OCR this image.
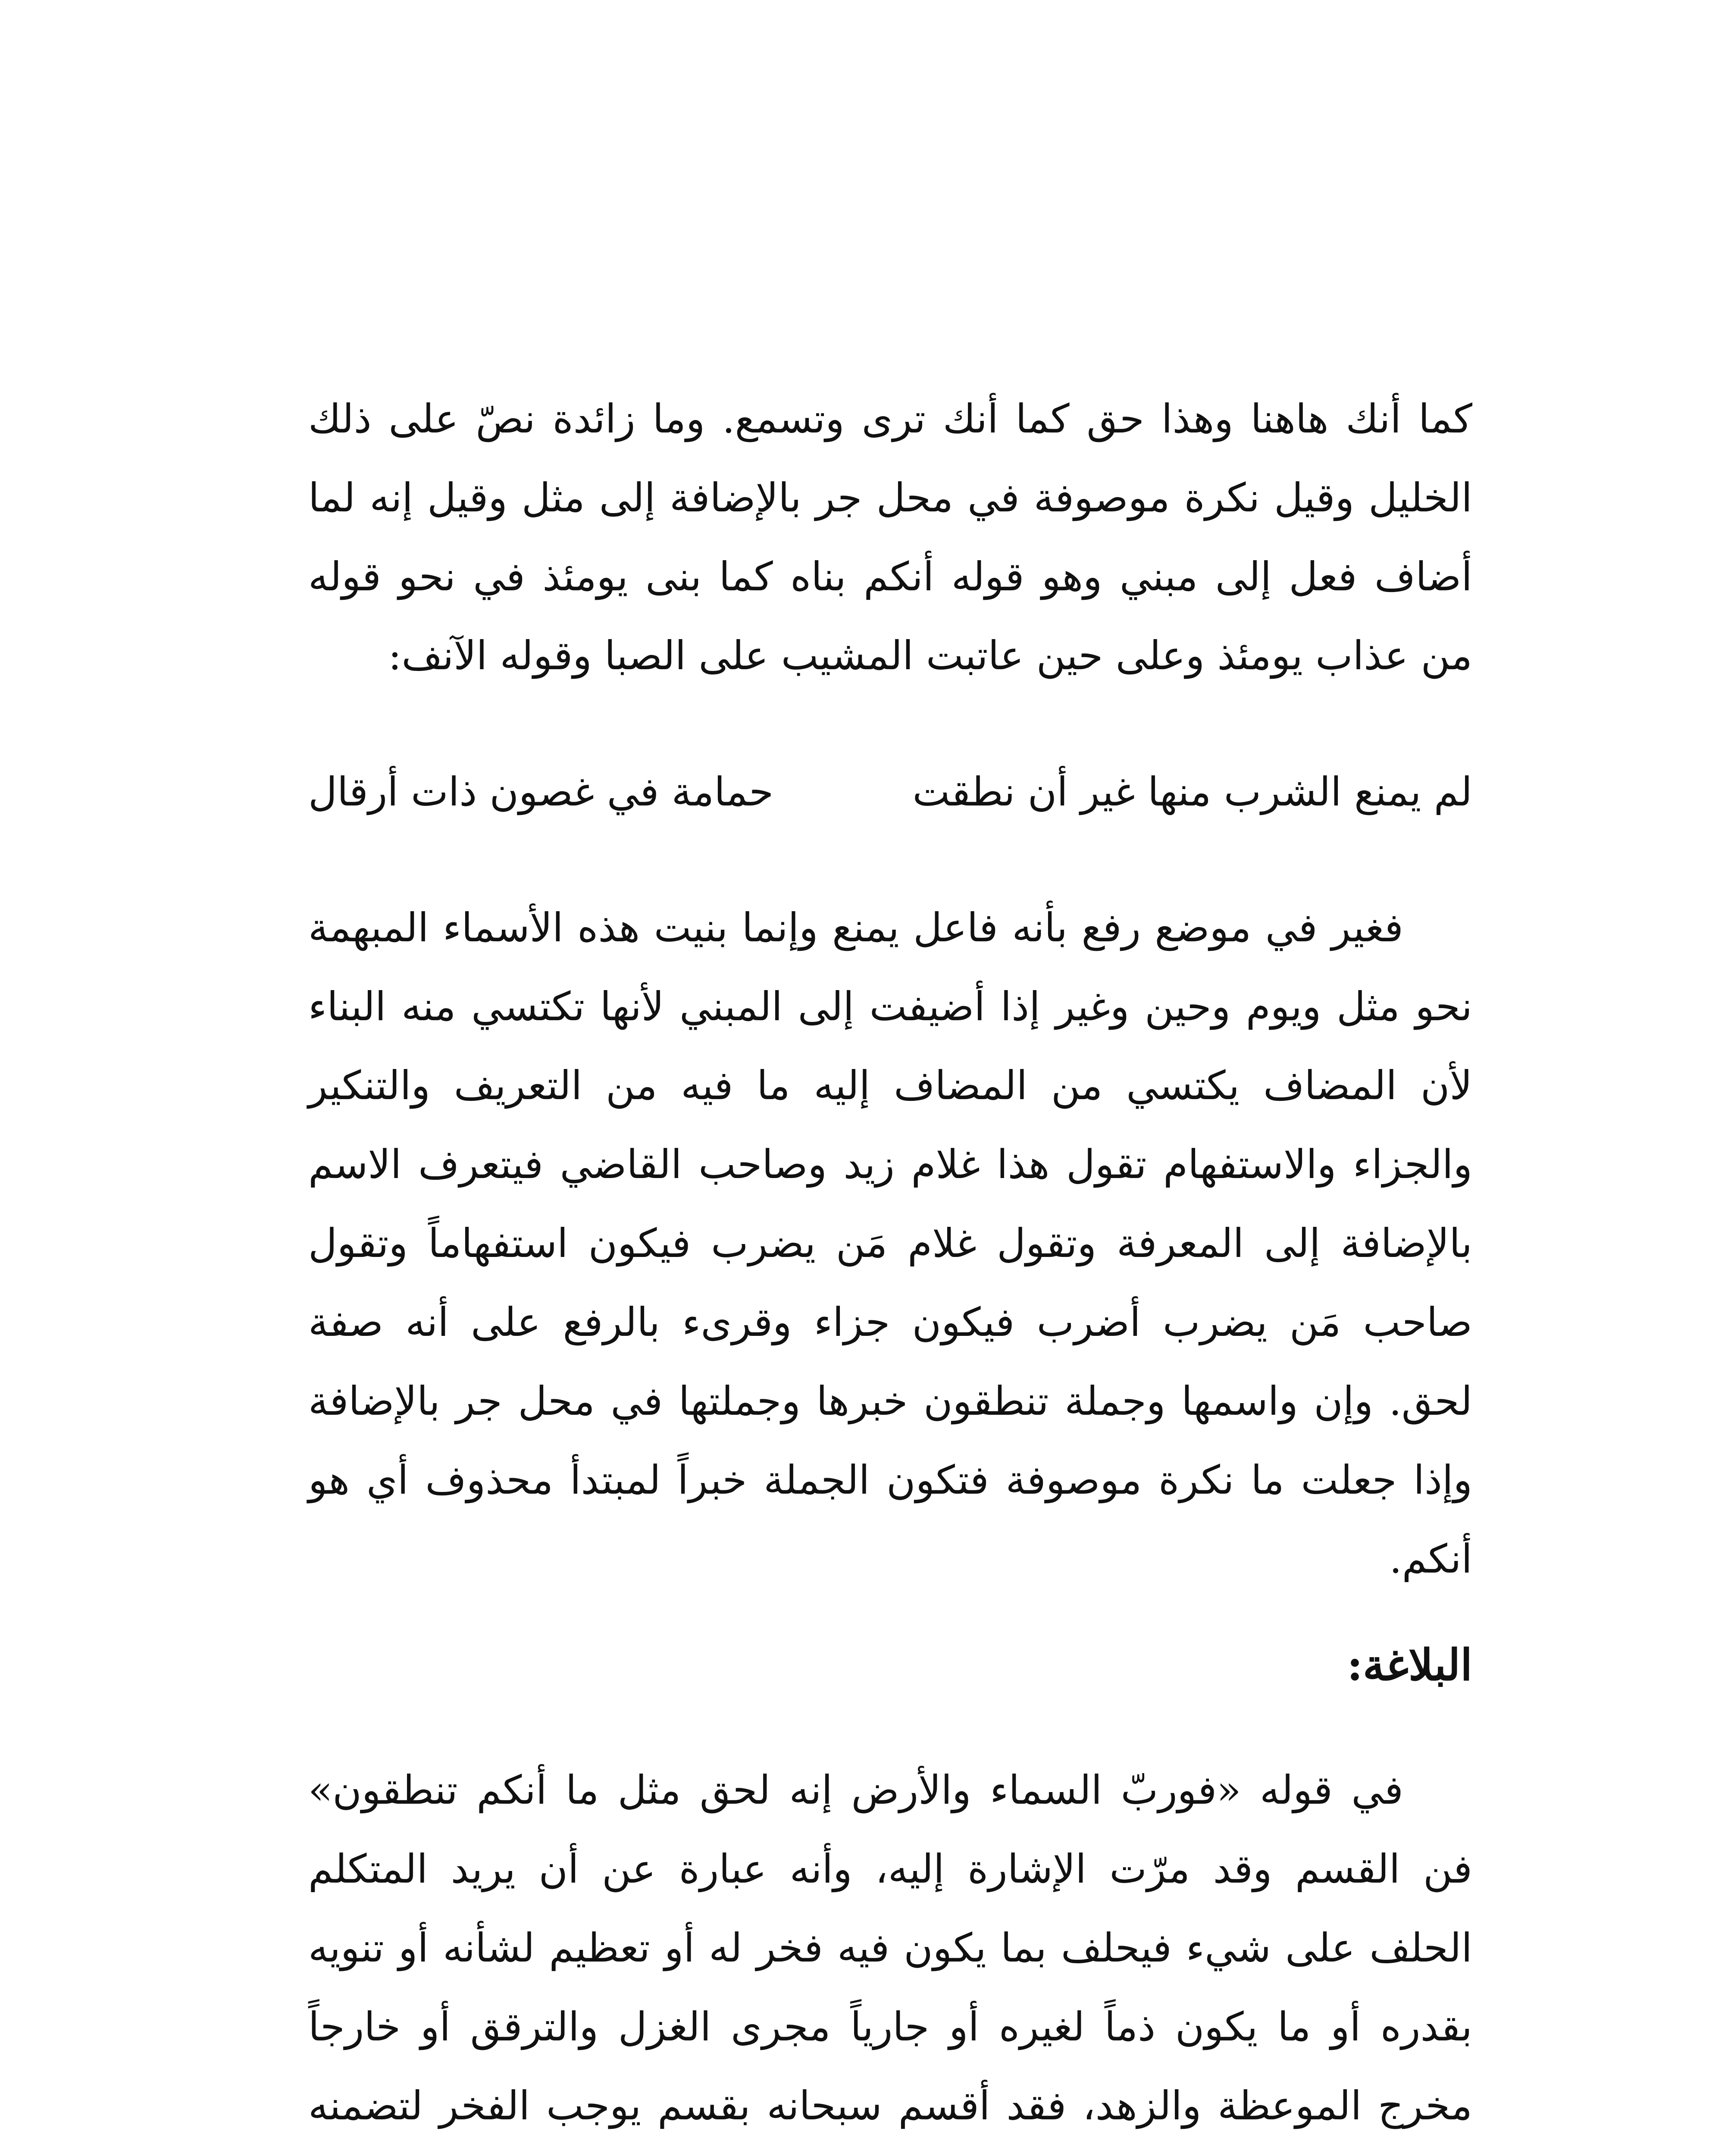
كما أنك هاهنا وهذا حق كما أنك ترى وتسمع. وما زائدة نصّ على ذلك الخليل وقيل نكرة موصوفة في محل جر بالإضافة إلى مثل وقيل إنه لما أضاف فعل إلى مبني وهو قوله أنكم بناه كما بنى يومئذ في نحو قوله من عذاب يومئذ وعلى حين عاتبت المشيب على الصبا وقوله الآنف:

لم يمنع الشرب منها غير أن نطقت
حمامة في غصون ذات أرقال

فغير في موضع رفع بأنه فاعل يمنع وإنما بنيت هذه الأسماء المبهمة نحو مثل ويوم وحين وغير إذا أضيفت إلى المبني لأنها تكتسي منه البناء لأن المضاف يكتسي من المضاف إليه ما فيه من التعريف والتنكير والجزاء والاستفهام تقول هذا غلام زيد وصاحب القاضي فيتعرف الاسم بالإضافة إلى المعرفة وتقول غلام مَن يضرب فيكون استفهاماً وتقول صاحب مَن يضرب أضرب فيكون جزاء وقرىء بالرفع على أنه صفة لحق. وإن واسمها وجملة تنطقون خبرها وجملتها في محل جر بالإضافة وإذا جعلت ما نكرة موصوفة فتكون الجملة خبراً لمبتدأ محذوف أي هو أنكم.

البلاغة:

في قوله «فوربّ السماء والأرض إنه لحق مثل ما أنكم تنطقون» فن القسم وقد مرّت الإشارة إليه، وأنه عبارة عن أن يريد المتكلم الحلف على شيء فيحلف بما يكون فيه فخر له أو تعظيم لشأنه أو تنويه بقدره أو ما يكون ذماً لغيره أو جارياً مجرى الغزل والترقق أو خارجاً مخرج الموعظة والزهد، فقد أقسم سبحانه بقسم يوجب الفخر لتضمنه
